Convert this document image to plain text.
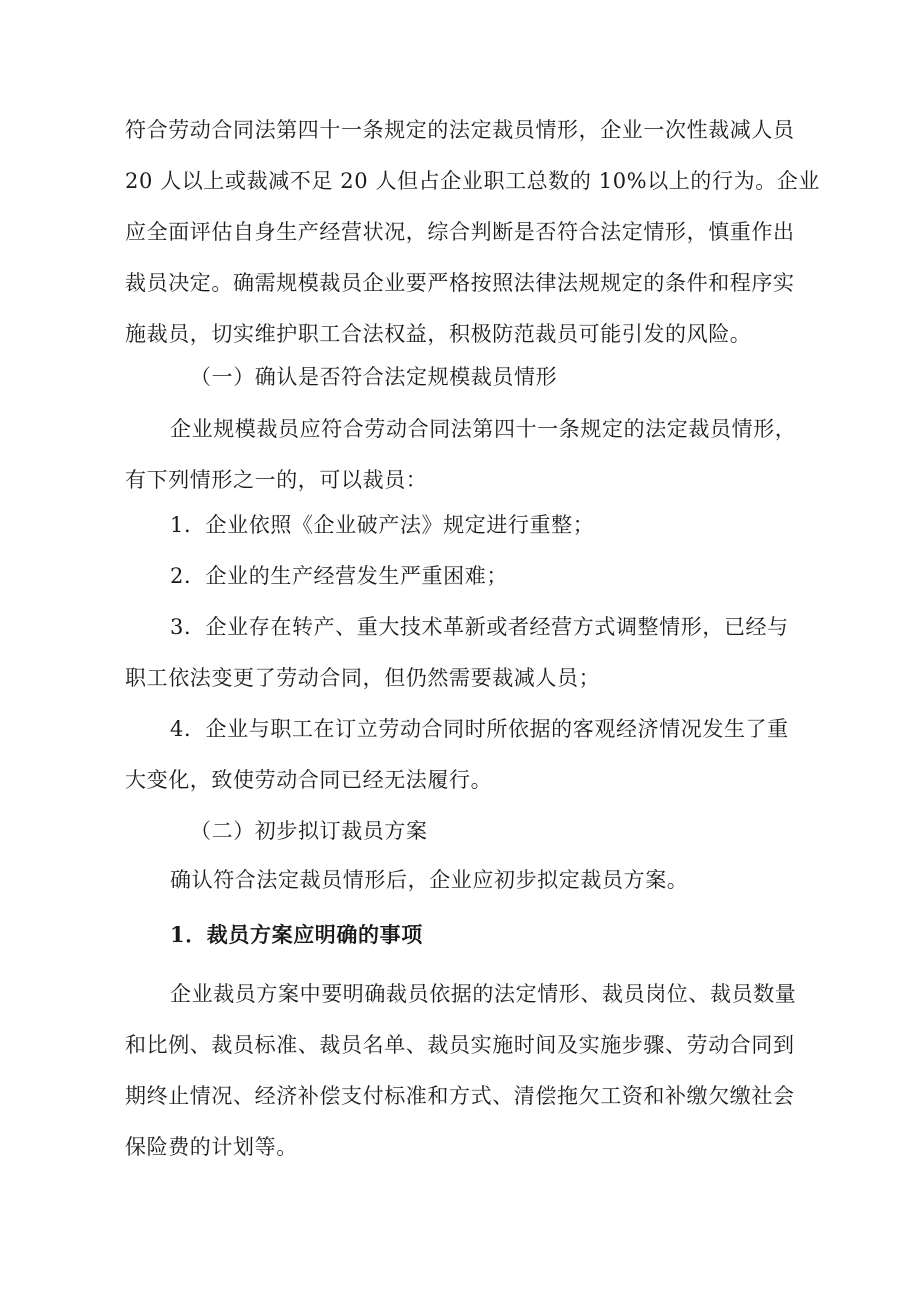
符合劳动合同法第四十一条规定的法定裁员情形，企业一次性裁减人员
20 人以上或裁减不足 20 人但占企业职工总数的 10%以上的行为。企业
应全面评估自身生产经营状况，综合判断是否符合法定情形，慎重作出
裁员决定。确需规模裁员企业要严格按照法律法规规定的条件和程序实
施裁员，切实维护职工合法权益，积极防范裁员可能引发的风险。
（一）确认是否符合法定规模裁员情形
企业规模裁员应符合劳动合同法第四十一条规定的法定裁员情形，
有下列情形之一的，可以裁员：
1．企业依照《企业破产法》规定进行重整；
2．企业的生产经营发生严重困难；
3．企业存在转产、重大技术革新或者经营方式调整情形，已经与
职工依法变更了劳动合同，但仍然需要裁减人员；
4．企业与职工在订立劳动合同时所依据的客观经济情况发生了重
大变化，致使劳动合同已经无法履行。
（二）初步拟订裁员方案
确认符合法定裁员情形后，企业应初步拟定裁员方案。
1．裁员方案应明确的事项
企业裁员方案中要明确裁员依据的法定情形、裁员岗位、裁员数量
和比例、裁员标准、裁员名单、裁员实施时间及实施步骤、劳动合同到
期终止情况、经济补偿支付标准和方式、清偿拖欠工资和补缴欠缴社会
保险费的计划等。
